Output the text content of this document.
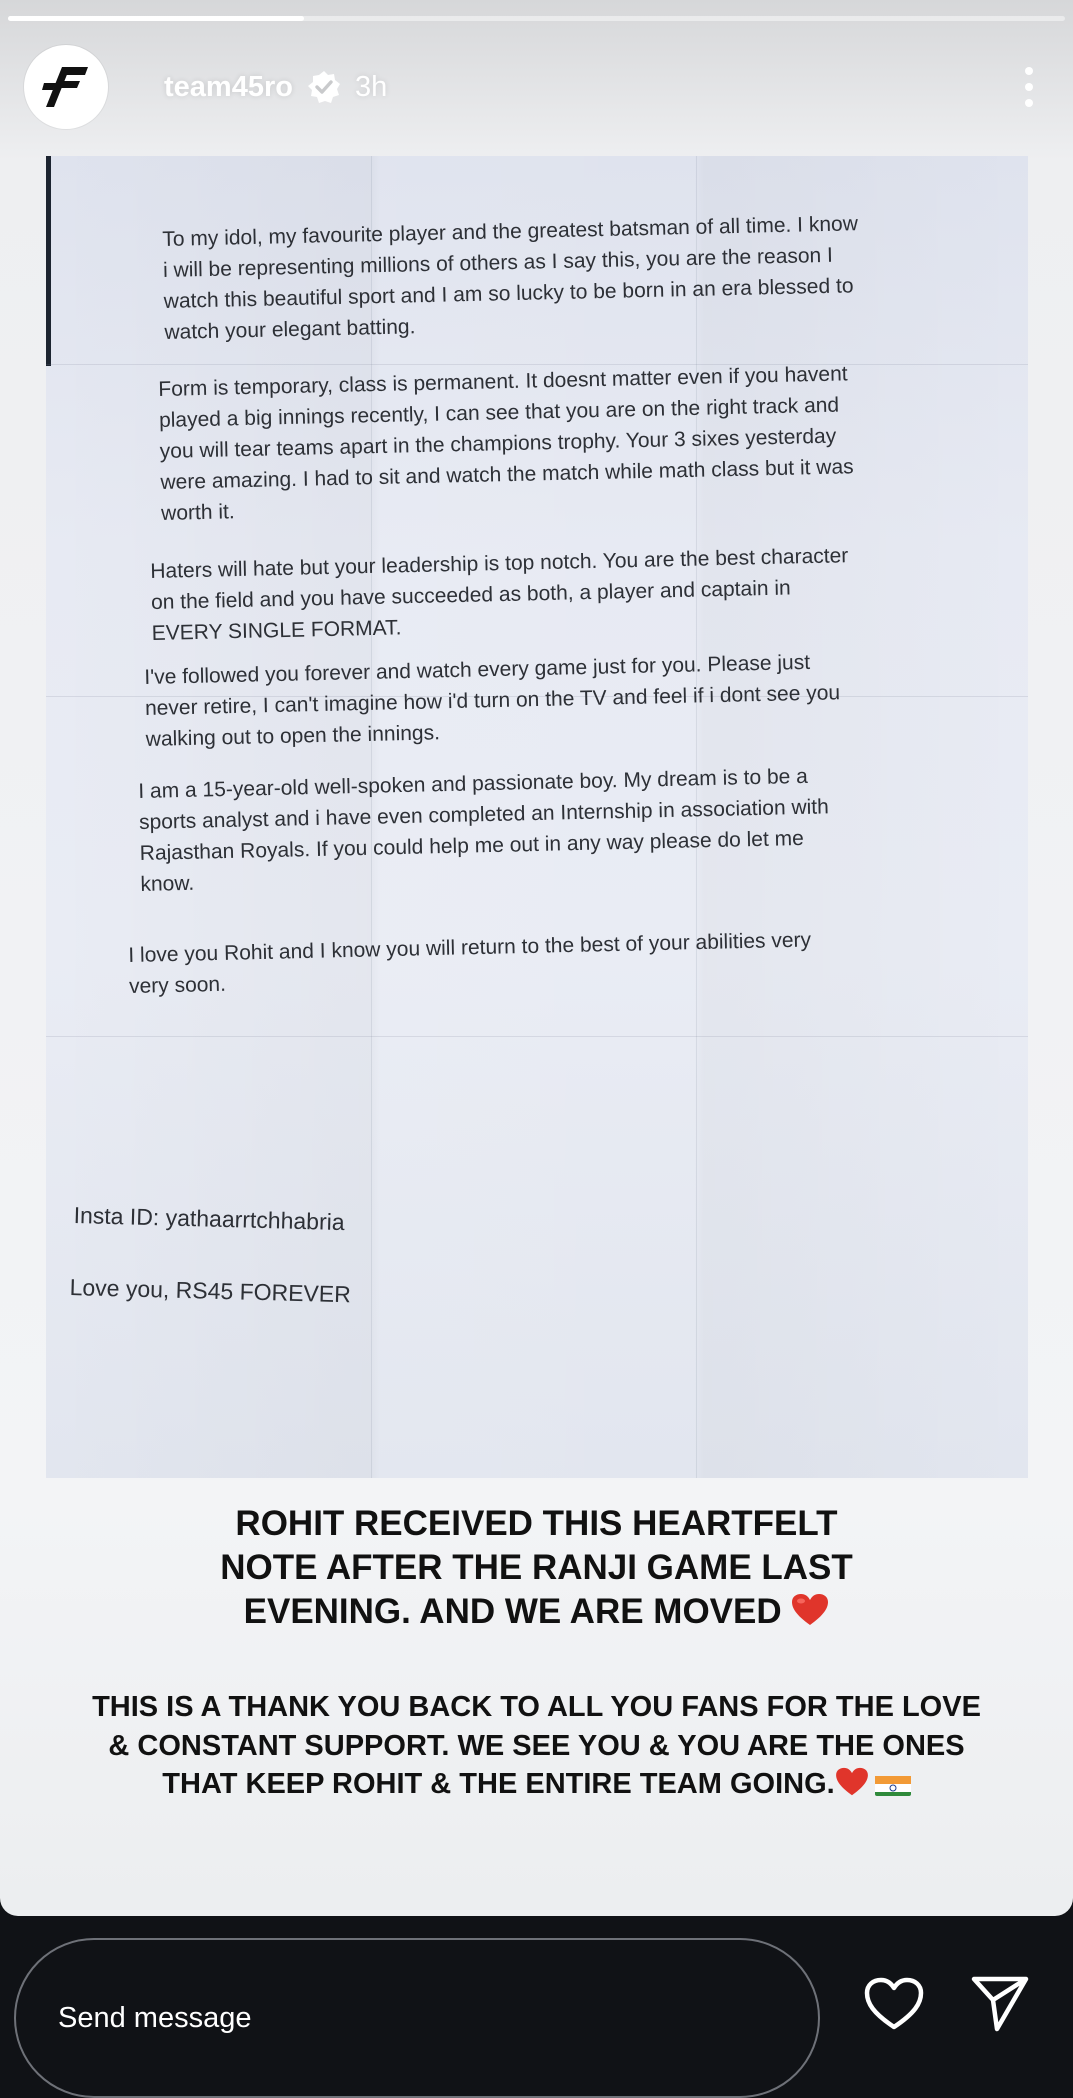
team45ro 3h
To my idol, my favourite player and the greatest batsman of all time. I know
i will be representing millions of others as I say this, you are the reason I
watch this beautiful sport and I am so lucky to be born in an era blessed to
watch your elegant batting.
Form is temporary, class is permanent. It doesnt matter even if you havent
played a big innings recently, I can see that you are on the right track and
you will tear teams apart in the champions trophy. Your 3 sixes yesterday
were amazing. I had to sit and watch the match while math class but it was
worth it.
Haters will hate but your leadership is top notch. You are the best character
on the field and you have succeeded as both, a player and captain in
EVERY SINGLE FORMAT.
I've followed you forever and watch every game just for you. Please just
never retire, I can't imagine how i'd turn on the TV and feel if i dont see you
walking out to open the innings.
I am a 15-year-old well-spoken and passionate boy. My dream is to be a
sports analyst and i have even completed an Internship in association with
Rajasthan Royals. If you could help me out in any way please do let me
know.
I love you Rohit and I know you will return to the best of your abilities very
very soon.
Insta ID: yathaarrtchhabria
Love you, RS45 FOREVER
ROHIT RECEIVED THIS HEARTFELT
NOTE AFTER THE RANJI GAME LAST
EVENING. AND WE ARE MOVED
THIS IS A THANK YOU BACK TO ALL YOU FANS FOR THE LOVE
& CONSTANT SUPPORT. WE SEE YOU & YOU ARE THE ONES
THAT KEEP ROHIT & THE ENTIRE TEAM GOING.
Send message
